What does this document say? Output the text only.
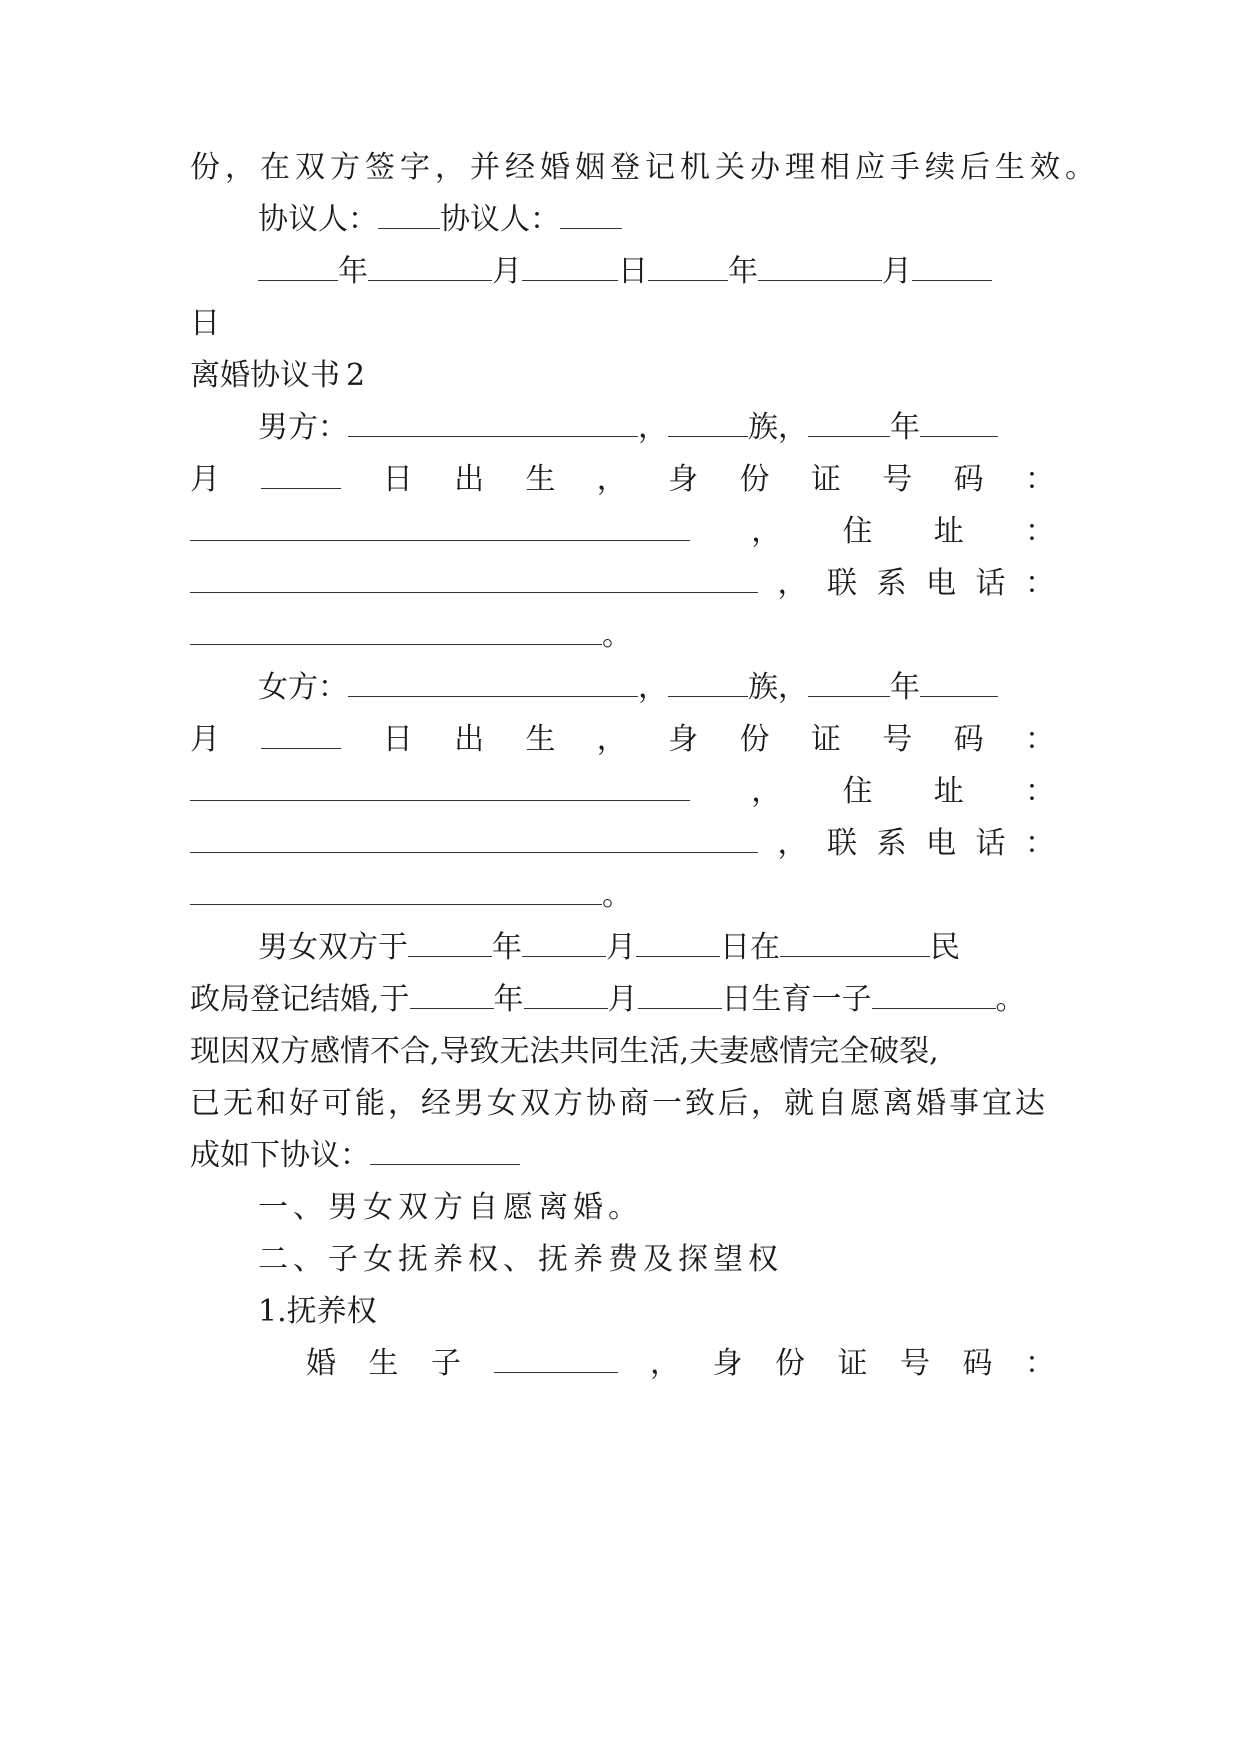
份，在双方签字，并经婚姻登记机关办理相应手续后生效。
协议人： 协议人：
年	月	日	年	月
日
离婚协议书 2
男方：	，	族，	年
月	日 出 生 ， 身 份 证 号 码 ：
， 住 址 ：
， 联 系 电 话 ：
。
女方：	，	族，	年
月	日 出 生 ， 身 份 证 号 码 ：
， 住 址 ：
， 联 系 电 话 ：
。
男女双方于	年	月	日在	民
政局登记结婚,于	年	月	日生育一子	。
现因双方感情不合,导致无法共同生活,夫妻感情完全破裂,
已无和好可能，经男女双方协商一致后，就自愿离婚事宜达
成如下协议：
一、男女双方自愿离婚。
二、子女抚养权、抚养费及探望权
1.抚养权
婚 生 子	， 身 份 证 号 码 ：
